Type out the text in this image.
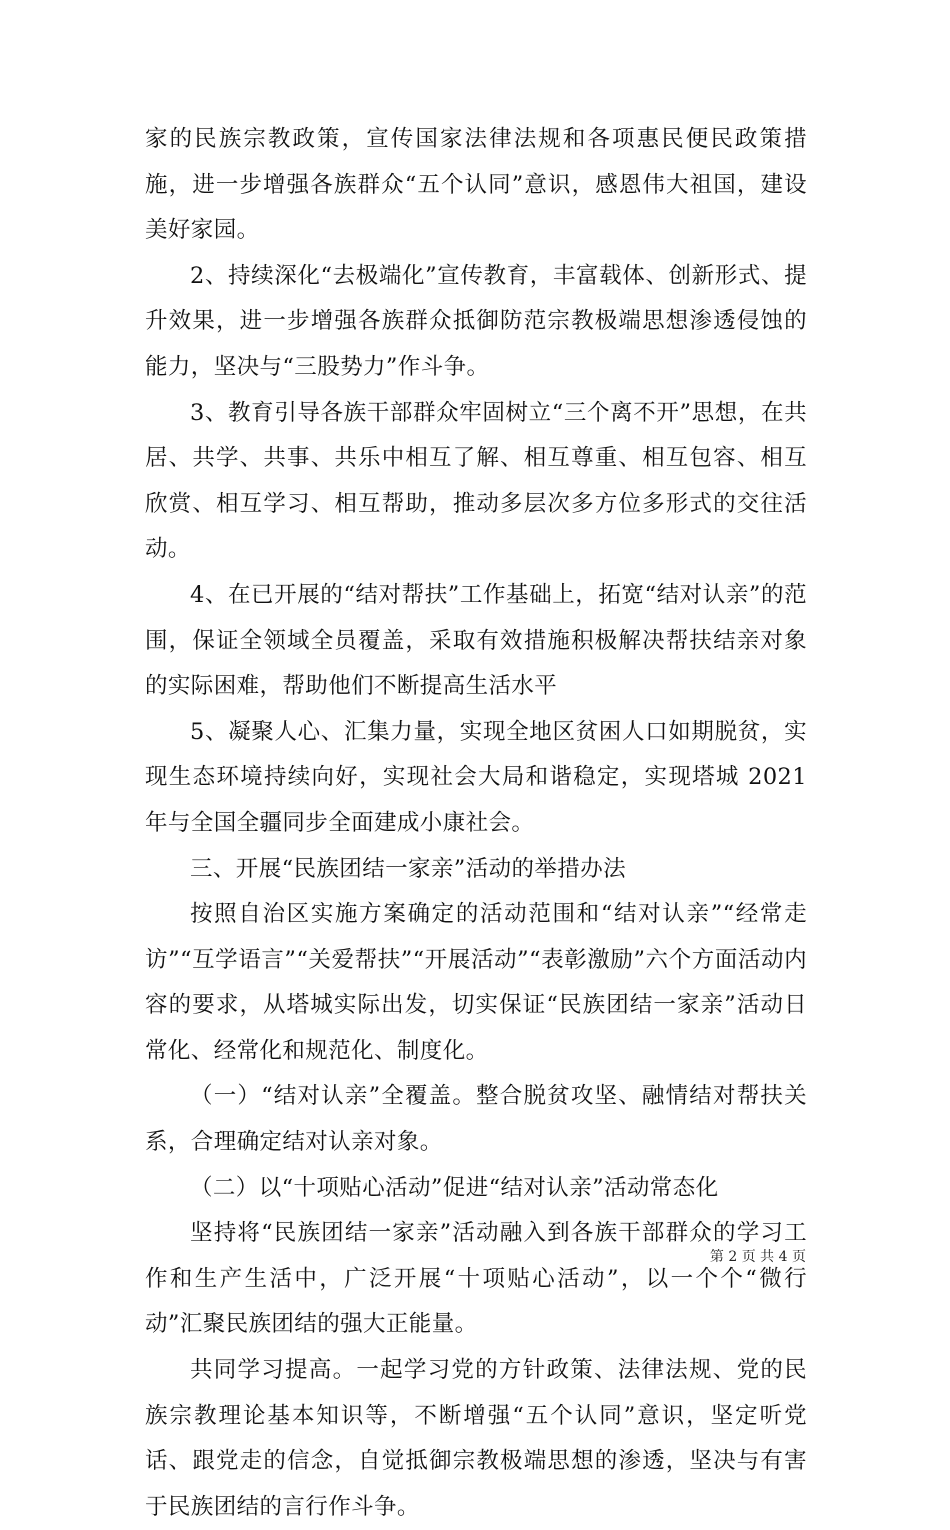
家的民族宗教政策，宣传国家法律法规和各项惠民便民政策措施，进一步增强各族群众“五个认同”意识，感恩伟大祖国，建设美好家园。

2、持续深化“去极端化”宣传教育，丰富载体、创新形式、提升效果，进一步增强各族群众抵御防范宗教极端思想渗透侵蚀的能力，坚决与“三股势力”作斗争。

3、教育引导各族干部群众牢固树立“三个离不开”思想，在共居、共学、共事、共乐中相互了解、相互尊重、相互包容、相互欣赏、相互学习、相互帮助，推动多层次多方位多形式的交往活动。

4、在已开展的“结对帮扶”工作基础上，拓宽“结对认亲”的范围，保证全领域全员覆盖，采取有效措施积极解决帮扶结亲对象的实际困难，帮助他们不断提高生活水平

5、凝聚人心、汇集力量，实现全地区贫困人口如期脱贫，实现生态环境持续向好，实现社会大局和谐稳定，实现塔城 2021 年与全国全疆同步全面建成小康社会。

三、开展“民族团结一家亲”活动的举措办法

按照自治区实施方案确定的活动范围和“结对认亲”“经常走访”“互学语言”“关爱帮扶”“开展活动”“表彰激励”六个方面活动内容的要求，从塔城实际出发，切实保证“民族团结一家亲”活动日常化、经常化和规范化、制度化。

（一）“结对认亲”全覆盖。整合脱贫攻坚、融情结对帮扶关系，合理确定结对认亲对象。

（二）以“十项贴心活动”促进“结对认亲”活动常态化

坚持将“民族团结一家亲”活动融入到各族干部群众的学习工作和生产生活中，广泛开展“十项贴心活动”，以一个个“微行动”汇聚民族团结的强大正能量。

共同学习提高。一起学习党的方针政策、法律法规、党的民族宗教理论基本知识等，不断增强“五个认同”意识，坚定听党话、跟党走的信念，自觉抵御宗教极端思想的渗透，坚决与有害于民族团结的言行作斗争。

第 2 页 共 4 页
